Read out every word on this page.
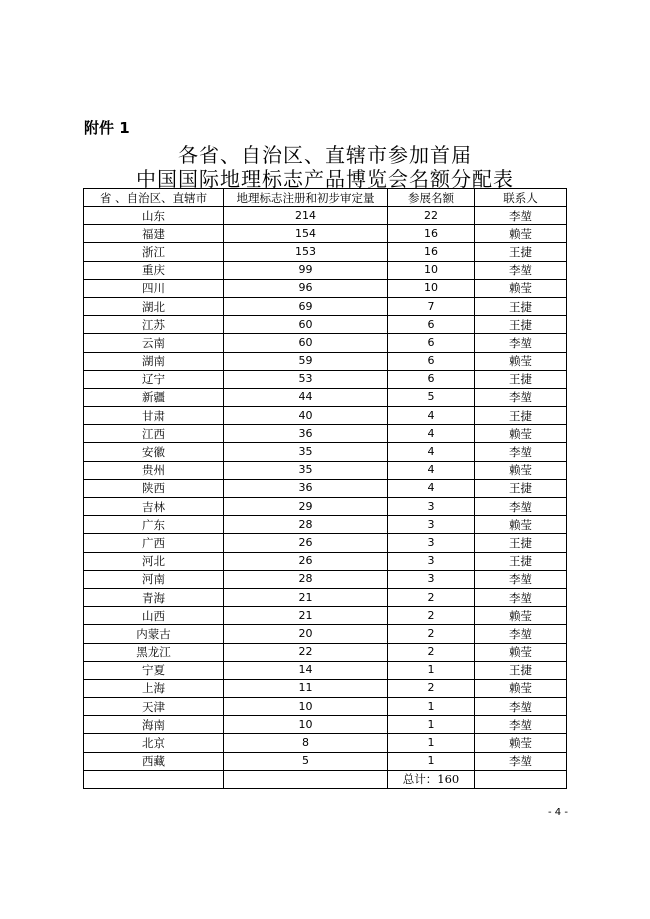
附件 1
各省、自治区、直辖市参加首届
中国国际地理标志产品博览会名额分配表
省 、自治区、直辖市	地理标志注册和初步审定量	参展名额	联系人
山东	214	22	李堃
福建	154	16	赖莹
浙江	153	16	王捷
重庆	99	10	李堃
四川	96	10	赖莹
湖北	69	7	王捷
江苏	60	6	王捷
云南	60	6	李堃
湖南	59	6	赖莹
辽宁	53	6	王捷
新疆	44	5	李堃
甘肃	40	4	王捷
江西	36	4	赖莹
安徽	35	4	李堃
贵州	35	4	赖莹
陕西	36	4	王捷
吉林	29	3	李堃
广东	28	3	赖莹
广西	26	3	王捷
河北	26	3	王捷
河南	28	3	李堃
青海	21	2	李堃
山西	21	2	赖莹
内蒙古	20	2	李堃
黑龙江	22	2	赖莹
宁夏	14	1	王捷
上海	11	2	赖莹
天津	10	1	李堃
海南	10	1	李堃
北京	8	1	赖莹
西藏	5	1	李堃
		总计：160	
- 4 -
